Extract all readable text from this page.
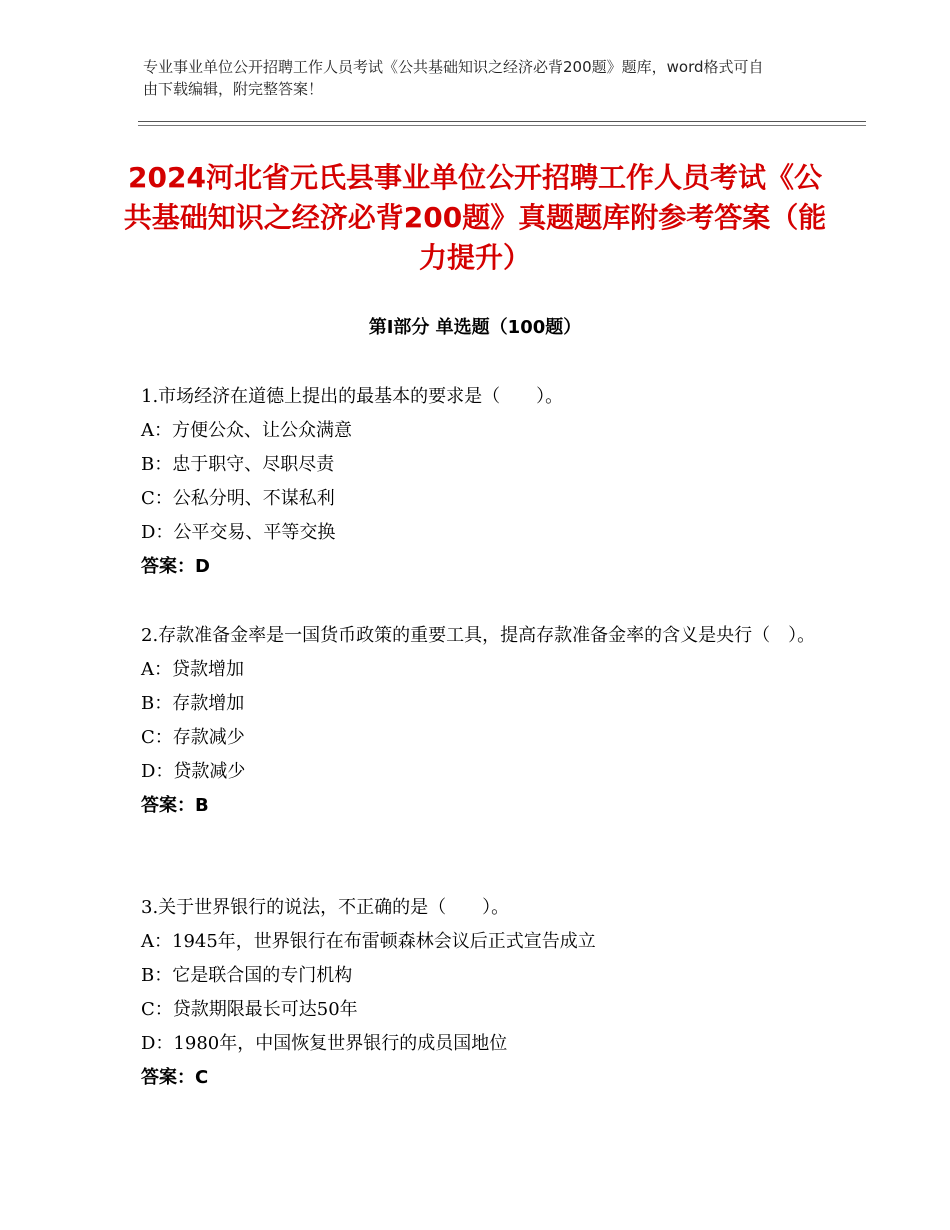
专业事业单位公开招聘工作人员考试《公共基础知识之经济必背200题》题库，word格式可自由下载编辑，附完整答案！
2024河北省元氏县事业单位公开招聘工作人员考试《公共基础知识之经济必背200题》真题题库附参考答案（能力提升）
第Ⅰ部分 单选题（100题）
1.市场经济在道德上提出的最基本的要求是（　　）。
A：方便公众、让公众满意
B：忠于职守、尽职尽责
C：公私分明、不谋私利
D：公平交易、平等交换
答案：D
2.存款准备金率是一国货币政策的重要工具，提高存款准备金率的含义是央行（　）。
A：贷款增加
B：存款增加
C：存款减少
D：贷款减少
答案：B
3.关于世界银行的说法，不正确的是（　　）。
A：1945年，世界银行在布雷顿森林会议后正式宣告成立
B：它是联合国的专门机构
C：贷款期限最长可达50年
D：1980年，中国恢复世界银行的成员国地位
答案：C
